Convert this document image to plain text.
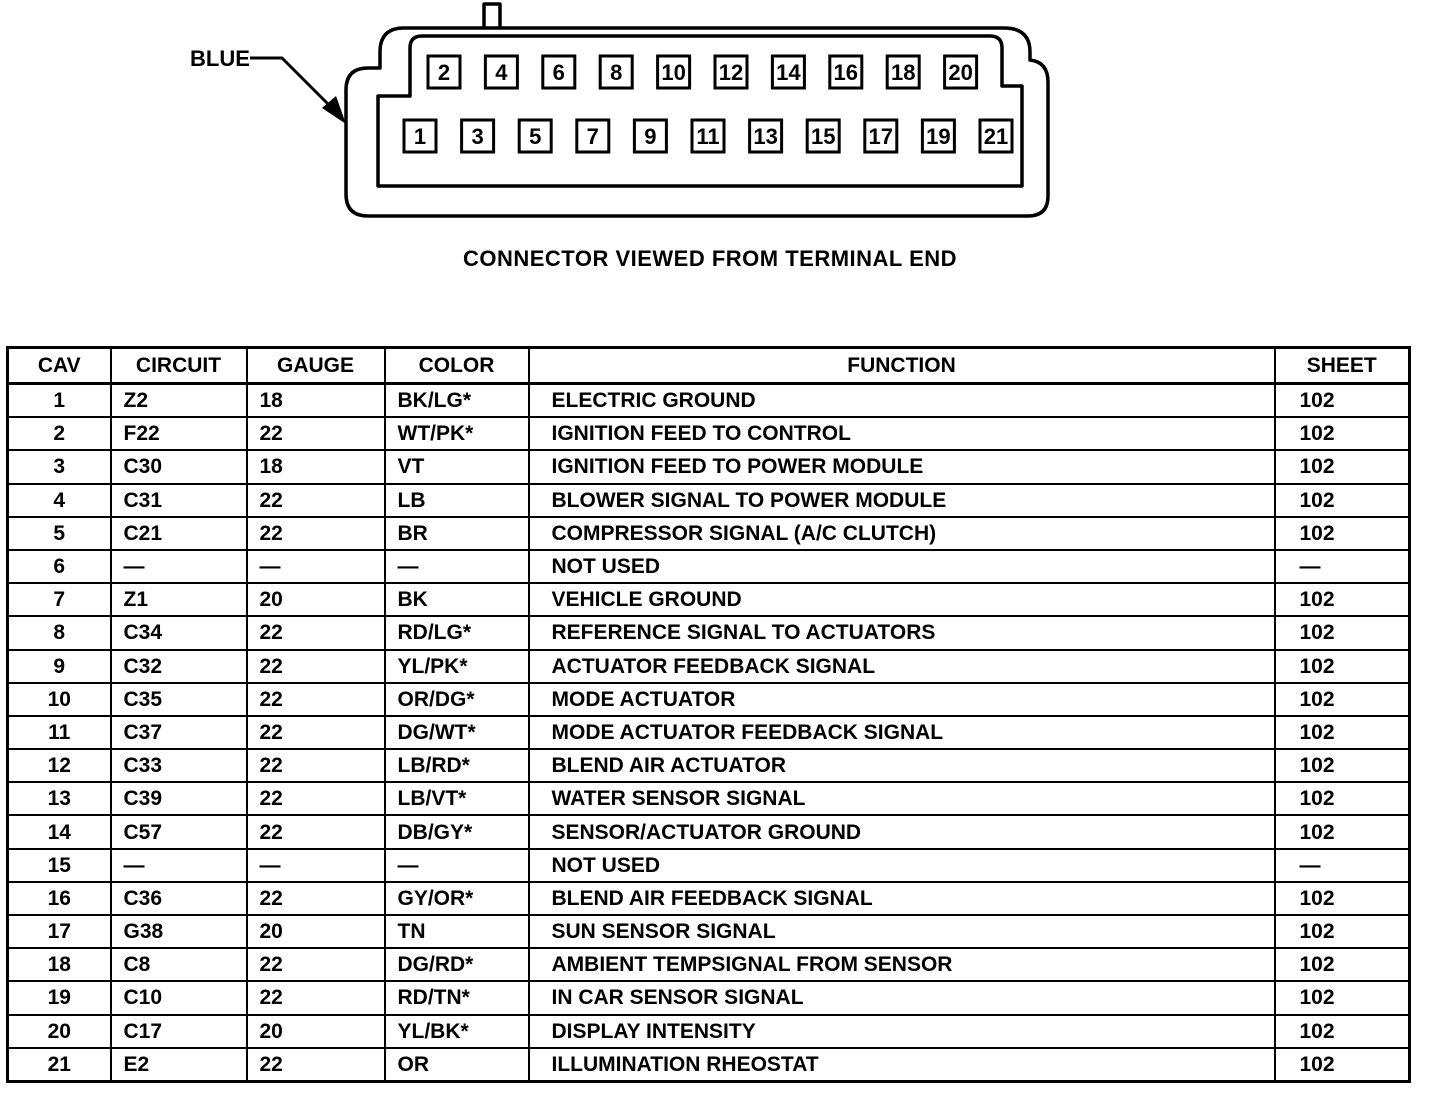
BLUE
2 4 6 8 10 12 14 16 18 20
1 3 5 7 9 11 13 15 17 19 21
CONNECTOR VIEWED FROM TERMINAL END
CAV	CIRCUIT	GAUGE	COLOR	FUNCTION	SHEET
1	Z2	18	BK/LG*	ELECTRIC GROUND	102
2	F22	22	WT/PK*	IGNITION FEED TO CONTROL	102
3	C30	18	VT	IGNITION FEED TO POWER MODULE	102
4	C31	22	LB	BLOWER SIGNAL TO POWER MODULE	102
5	C21	22	BR	COMPRESSOR SIGNAL (A/C CLUTCH)	102
6	—	—	—	NOT USED	—
7	Z1	20	BK	VEHICLE GROUND	102
8	C34	22	RD/LG*	REFERENCE SIGNAL TO ACTUATORS	102
9	C32	22	YL/PK*	ACTUATOR FEEDBACK SIGNAL	102
10	C35	22	OR/DG*	MODE ACTUATOR	102
11	C37	22	DG/WT*	MODE ACTUATOR FEEDBACK SIGNAL	102
12	C33	22	LB/RD*	BLEND AIR ACTUATOR	102
13	C39	22	LB/VT*	WATER SENSOR SIGNAL	102
14	C57	22	DB/GY*	SENSOR/ACTUATOR GROUND	102
15	—	—	—	NOT USED	—
16	C36	22	GY/OR*	BLEND AIR FEEDBACK SIGNAL	102
17	G38	20	TN	SUN SENSOR SIGNAL	102
18	C8	22	DG/RD*	AMBIENT TEMPSIGNAL FROM SENSOR	102
19	C10	22	RD/TN*	IN CAR SENSOR SIGNAL	102
20	C17	20	YL/BK*	DISPLAY INTENSITY	102
21	E2	22	OR	ILLUMINATION RHEOSTAT	102
